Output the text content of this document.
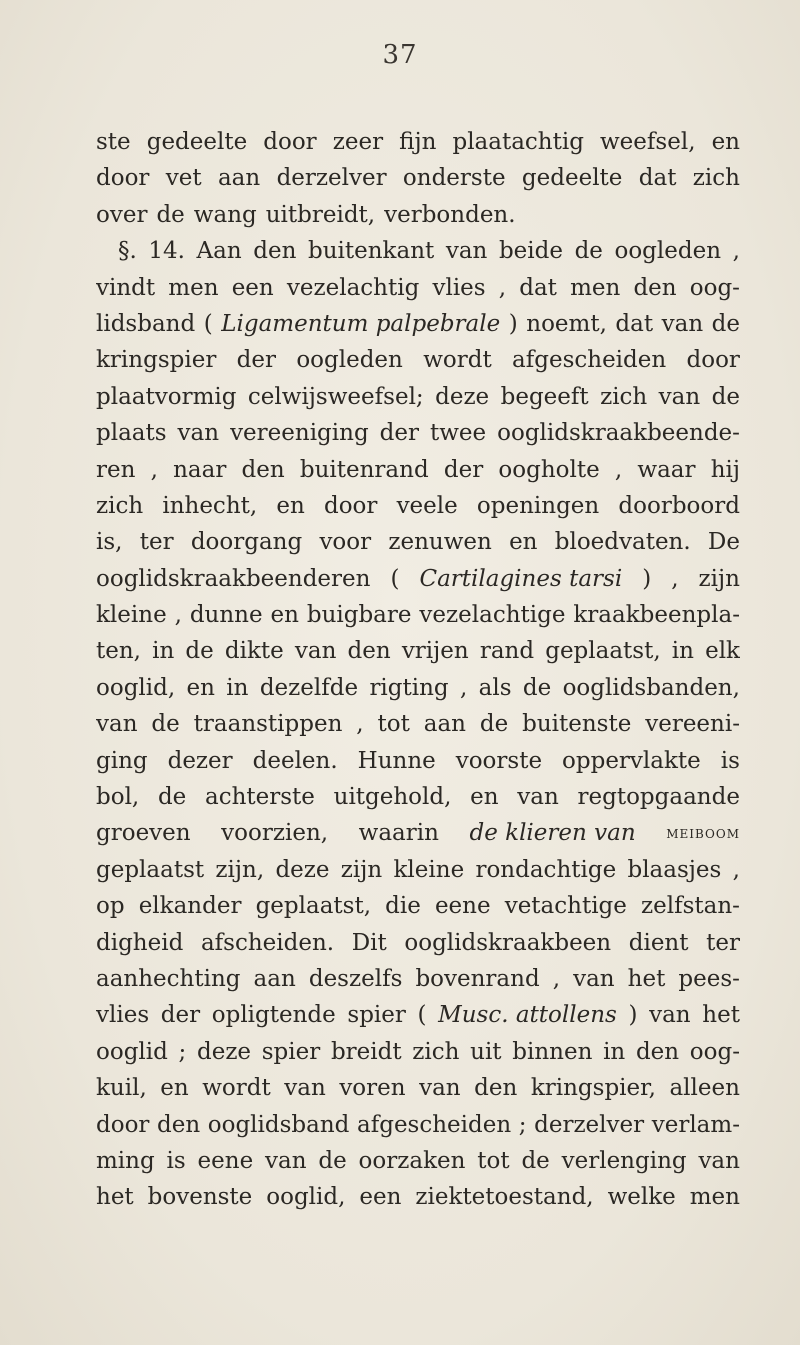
37
ste gedeelte door zeer fijn plaatachtig weefsel, en
door vet aan derzelver onderste gedeelte dat zich
over de wang uitbreidt, verbonden.
§. 14. Aan den buitenkant van beide de oogleden ,
vindt men een vezelachtig vlies , dat men den oog-
lidsband ( Ligamentum palpebrale ) noemt, dat van de
kringspier der oogleden wordt afgescheiden door
plaatvormig celwijsweefsel; deze begeeft zich van de
plaats van vereeniging der twee ooglidskraakbeende-
ren , naar den buitenrand der oogholte , waar hij
zich inhecht, en door veele openingen doorboord
is, ter doorgang voor zenuwen en bloedvaten. De
ooglidskraakbeenderen ( Cartilagines tarsi ) , zijn
kleine , dunne en buigbare vezelachtige kraakbeenpla-
ten, in de dikte van den vrijen rand geplaatst, in elk
ooglid, en in dezelfde rigting , als de ooglidsbanden,
van de traanstippen , tot aan de buitenste vereeni-
ging dezer deelen. Hunne voorste oppervlakte is
bol, de achterste uitgehold, en van regtopgaande
groeven voorzien, waarin de klieren van meiboom
geplaatst zijn, deze zijn kleine rondachtige blaasjes ,
op elkander geplaatst, die eene vetachtige zelfstan-
digheid afscheiden. Dit ooglidskraakbeen dient ter
aanhechting aan deszelfs bovenrand , van het pees-
vlies der opligtende spier ( Musc. attollens ) van het
ooglid ; deze spier breidt zich uit binnen in den oog-
kuil, en wordt van voren van den kringspier, alleen
door den ooglidsband afgescheiden ; derzelver verlam-
ming is eene van de oorzaken tot de verlenging van
het bovenste ooglid, een ziektetoestand, welke men
